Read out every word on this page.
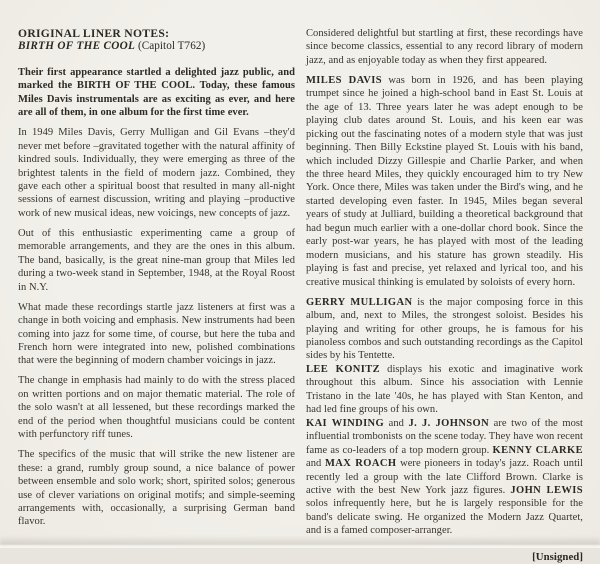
ORIGINAL LINER NOTES:
BIRTH OF THE COOL (Capitol T762)

Their first appearance startled a delighted jazz public, and marked the BIRTH OF THE COOL. Today, these famous Miles Davis instrumentals are as exciting as ever, and here are all of them, in one album for the first time ever.

In 1949 Miles Davis, Gerry Mulligan and Gil Evans –they'd never met before –gravitated together with the natural affinity of kindred souls. Individually, they were emerging as three of the brightest talents in the field of modern jazz. Combined, they gave each other a spiritual boost that resulted in many all-night sessions of earnest discussion, writing and playing –productive work of new musical ideas, new voicings, new concepts of jazz.

Out of this enthusiastic experimenting came a group of memorable arrangements, and they are the ones in this album. The band, basically, is the great nine-man group that Miles led during a two-week stand in September, 1948, at the Royal Roost in N.Y.

What made these recordings startle jazz listeners at first was a change in both voicing and emphasis. New instruments had been coming into jazz for some time, of course, but here the tuba and French horn were integrated into new, polished combinations that were the beginning of modern chamber voicings in jazz.

The change in emphasis had mainly to do with the stress placed on written portions and on major thematic material. The role of the solo wasn't at all lessened, but these recordings marked the end of the period when thoughtful musicians could be content with perfunctory riff tunes.

The specifics of the music that will strike the new listener are these: a grand, rumbly group sound, a nice balance of power between ensemble and solo work; short, spirited solos; generous use of clever variations on original motifs; and simple-seeming arrangements with, occasionally, a surprising German band flavor.

Considered delightful but startling at first, these recordings have since become classics, essential to any record library of modern jazz, and as enjoyable today as when they first appeared.

MILES DAVIS was born in 1926, and has been playing trumpet since he joined a high-school band in East St. Louis at the age of 13. Three years later he was adept enough to be playing club dates around St. Louis, and his keen ear was picking out the fascinating notes of a modern style that was just beginning. Then Billy Eckstine played St. Louis with his band, which included Dizzy Gillespie and Charlie Parker, and when the three heard Miles, they quickly encouraged him to try New York. Once there, Miles was taken under the Bird's wing, and he started developing even faster. In 1945, Miles began several years of study at Julliard, building a theoretical background that had begun much earlier with a one-dollar chord book. Since the early post-war years, he has played with most of the leading modern musicians, and his stature has grown steadily. His playing is fast and precise, yet relaxed and lyrical too, and his creative musical thinking is emulated by soloists of every horn.

GERRY MULLIGAN is the major composing force in this album, and, next to Miles, the strongest soloist. Besides his playing and writing for other groups, he is famous for his pianoless combos and such outstanding recordings as the Capitol sides by his Tentette.

LEE KONITZ displays his exotic and imaginative work throughout this album. Since his association with Lennie Tristano in the late '40s, he has played with Stan Kenton, and had led fine groups of his own.

KAI WINDING and J. J. JOHNSON are two of the most influential trombonists on the scene today. They have won recent fame as co-leaders of a top modern group. KENNY CLARKE and MAX ROACH were pioneers in today's jazz. Roach until recently led a group with the late Clifford Brown. Clarke is active with the best New York jazz figures. JOHN LEWIS solos infrequently here, but he is largely responsible for the band's delicate swing. He organized the Modern Jazz Quartet, and is a famed composer-arranger.

[Unsigned]
